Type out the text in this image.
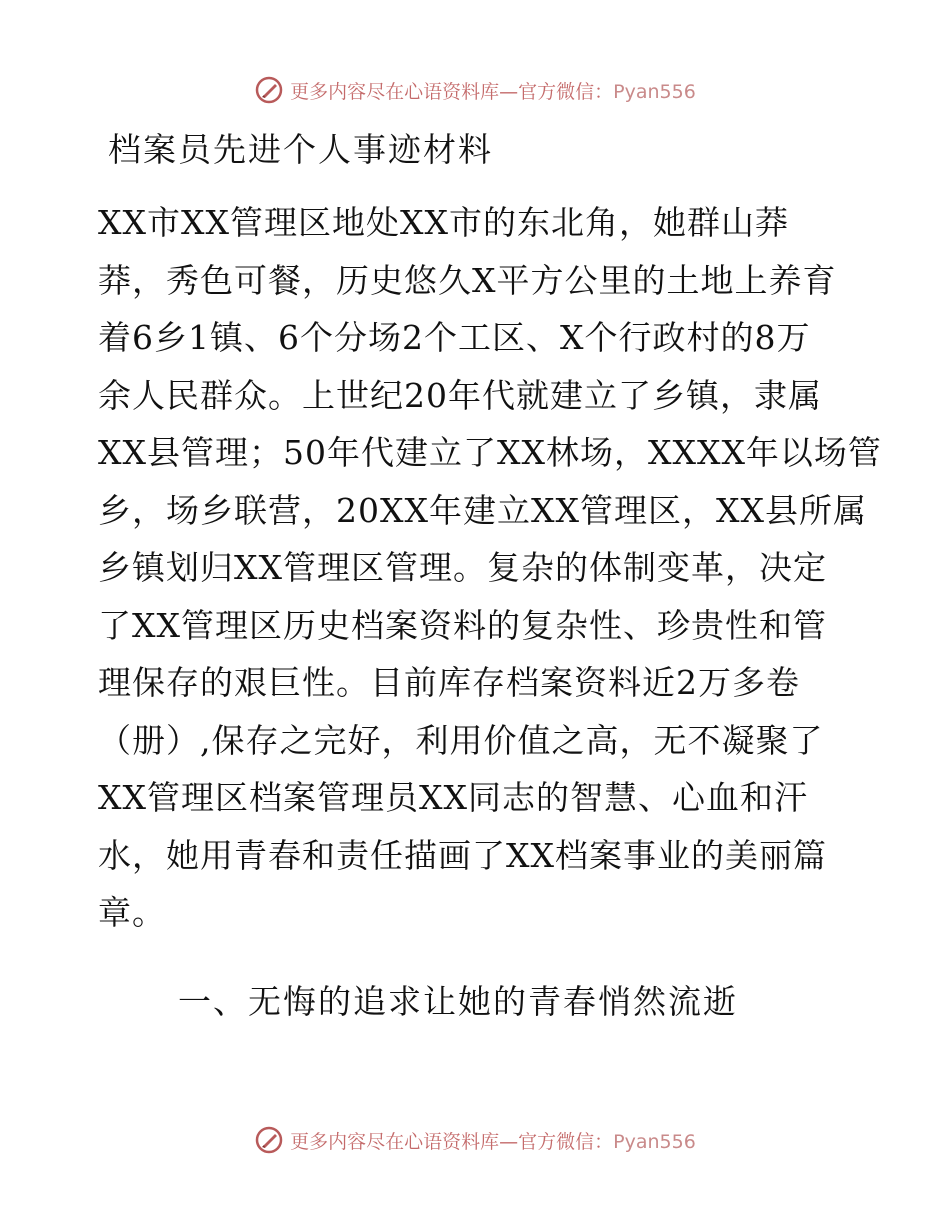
更多内容尽在心语资料库—官方微信：Pyan556
档案员先进个人事迹材料
XX市XX管理区地处XX市的东北角，她群山莽
莽，秀色可餐，历史悠久X平方公里的土地上养育
着6乡1镇、6个分场2个工区、X个行政村的8万
余人民群众。上世纪20年代就建立了乡镇，隶属
XX县管理；50年代建立了XX林场，XXXX年以场管
乡，场乡联营，20XX年建立XX管理区，XX县所属
乡镇划归XX管理区管理。复杂的体制变革，决定
了XX管理区历史档案资料的复杂性、珍贵性和管
理保存的艰巨性。目前库存档案资料近2万多卷
（册）,保存之完好，利用价值之高，无不凝聚了
XX管理区档案管理员XX同志的智慧、心血和汗
水，她用青春和责任描画了XX档案事业的美丽篇
章。
一、无悔的追求让她的青春悄然流逝
更多内容尽在心语资料库—官方微信：Pyan556
